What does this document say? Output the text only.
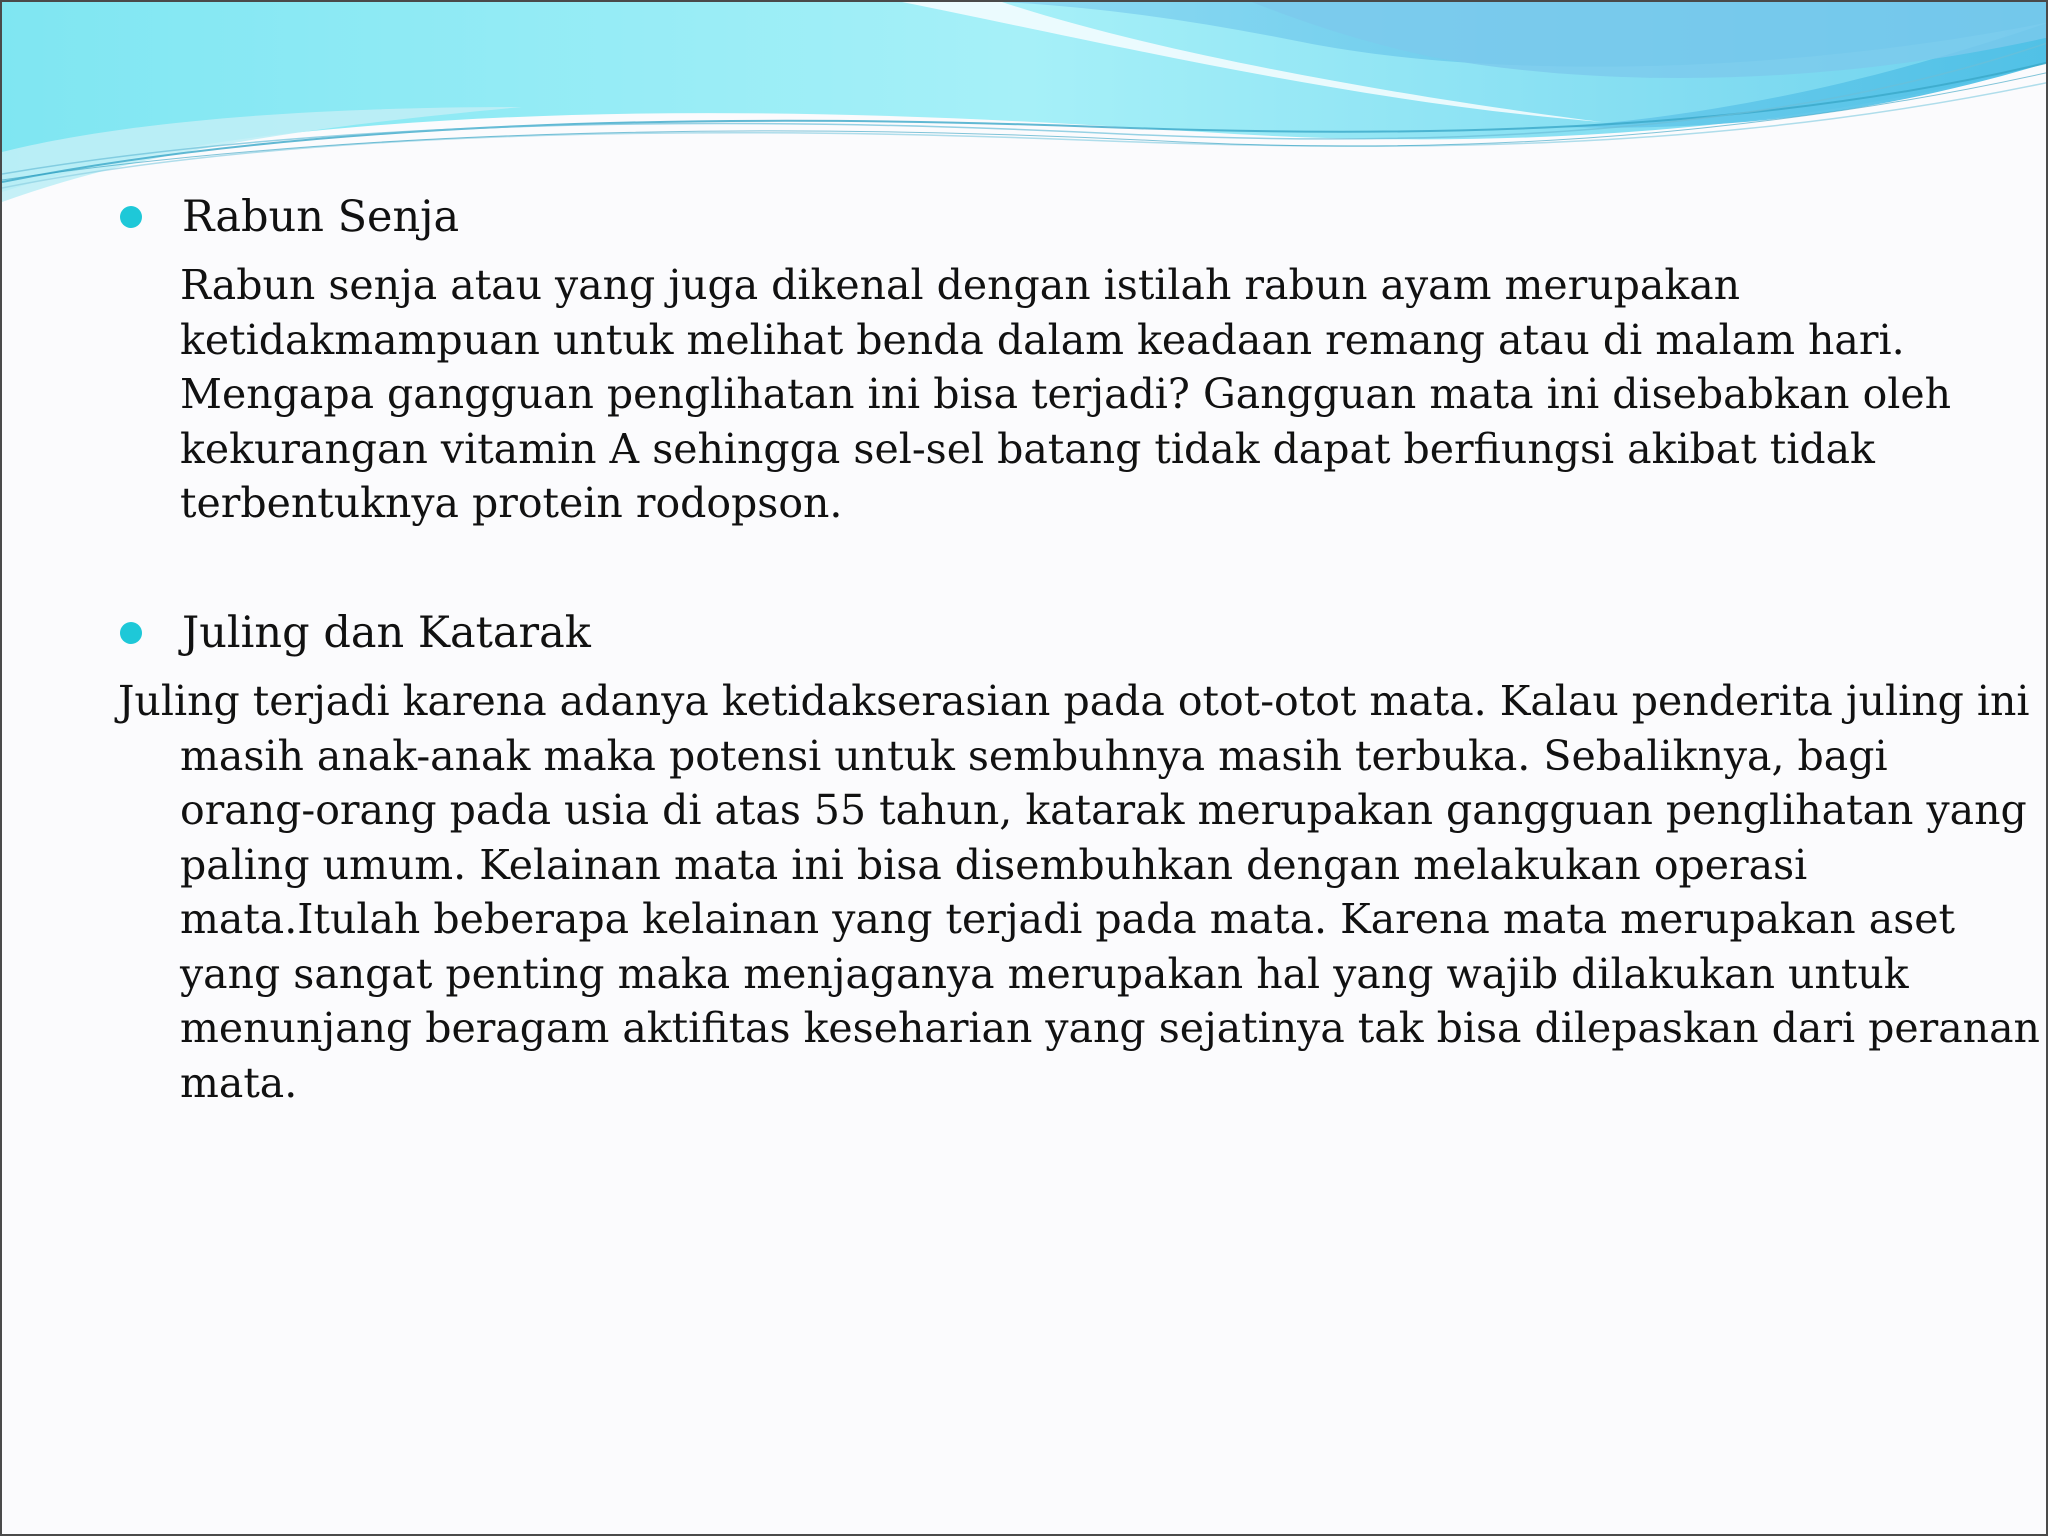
Rabun Senja
Rabun senja atau yang juga dikenal dengan istilah rabun ayam merupakan
ketidakmampuan untuk melihat benda dalam keadaan remang atau di malam hari.
Mengapa gangguan penglihatan ini bisa terjadi? Gangguan mata ini disebabkan oleh
kekurangan vitamin A sehingga sel-sel batang tidak dapat berfiungsi akibat tidak
terbentuknya protein rodopson.
Juling dan Katarak
Juling terjadi karena adanya ketidakserasian pada otot-otot mata. Kalau penderita juling ini
masih anak-anak maka potensi untuk sembuhnya masih terbuka. Sebaliknya, bagi
orang-orang pada usia di atas 55 tahun, katarak merupakan gangguan penglihatan yang
paling umum. Kelainan mata ini bisa disembuhkan dengan melakukan operasi
mata.Itulah beberapa kelainan yang terjadi pada mata. Karena mata merupakan aset
yang sangat penting maka menjaganya merupakan hal yang wajib dilakukan untuk
menunjang beragam aktifitas keseharian yang sejatinya tak bisa dilepaskan dari peranan
mata.
